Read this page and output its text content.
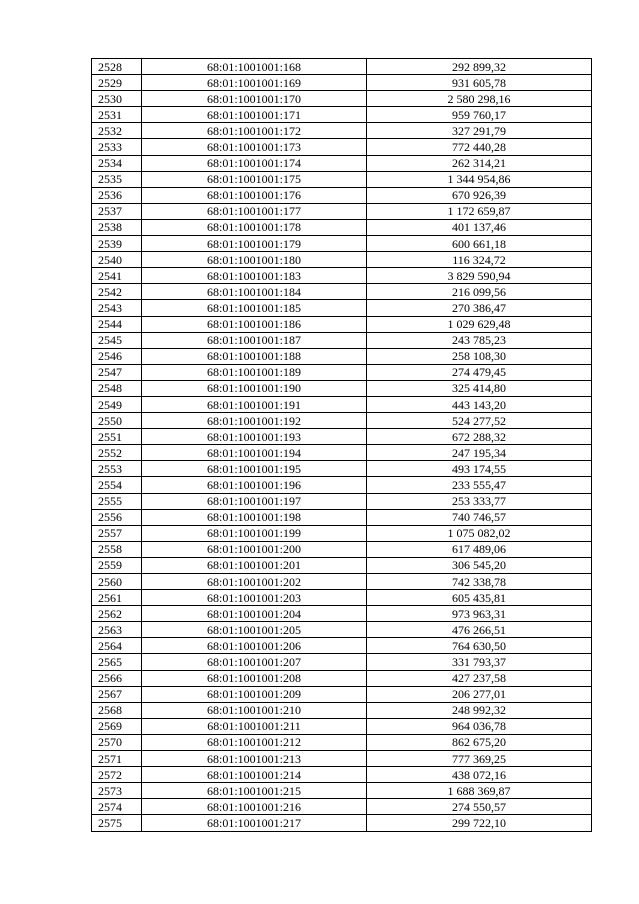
2528	68:01:1001001:168	292 899,32
2529	68:01:1001001:169	931 605,78
2530	68:01:1001001:170	2 580 298,16
2531	68:01:1001001:171	959 760,17
2532	68:01:1001001:172	327 291,79
2533	68:01:1001001:173	772 440,28
2534	68:01:1001001:174	262 314,21
2535	68:01:1001001:175	1 344 954,86
2536	68:01:1001001:176	670 926,39
2537	68:01:1001001:177	1 172 659,87
2538	68:01:1001001:178	401 137,46
2539	68:01:1001001:179	600 661,18
2540	68:01:1001001:180	116 324,72
2541	68:01:1001001:183	3 829 590,94
2542	68:01:1001001:184	216 099,56
2543	68:01:1001001:185	270 386,47
2544	68:01:1001001:186	1 029 629,48
2545	68:01:1001001:187	243 785,23
2546	68:01:1001001:188	258 108,30
2547	68:01:1001001:189	274 479,45
2548	68:01:1001001:190	325 414,80
2549	68:01:1001001:191	443 143,20
2550	68:01:1001001:192	524 277,52
2551	68:01:1001001:193	672 288,32
2552	68:01:1001001:194	247 195,34
2553	68:01:1001001:195	493 174,55
2554	68:01:1001001:196	233 555,47
2555	68:01:1001001:197	253 333,77
2556	68:01:1001001:198	740 746,57
2557	68:01:1001001:199	1 075 082,02
2558	68:01:1001001:200	617 489,06
2559	68:01:1001001:201	306 545,20
2560	68:01:1001001:202	742 338,78
2561	68:01:1001001:203	605 435,81
2562	68:01:1001001:204	973 963,31
2563	68:01:1001001:205	476 266,51
2564	68:01:1001001:206	764 630,50
2565	68:01:1001001:207	331 793,37
2566	68:01:1001001:208	427 237,58
2567	68:01:1001001:209	206 277,01
2568	68:01:1001001:210	248 992,32
2569	68:01:1001001:211	964 036,78
2570	68:01:1001001:212	862 675,20
2571	68:01:1001001:213	777 369,25
2572	68:01:1001001:214	438 072,16
2573	68:01:1001001:215	1 688 369,87
2574	68:01:1001001:216	274 550,57
2575	68:01:1001001:217	299 722,10
